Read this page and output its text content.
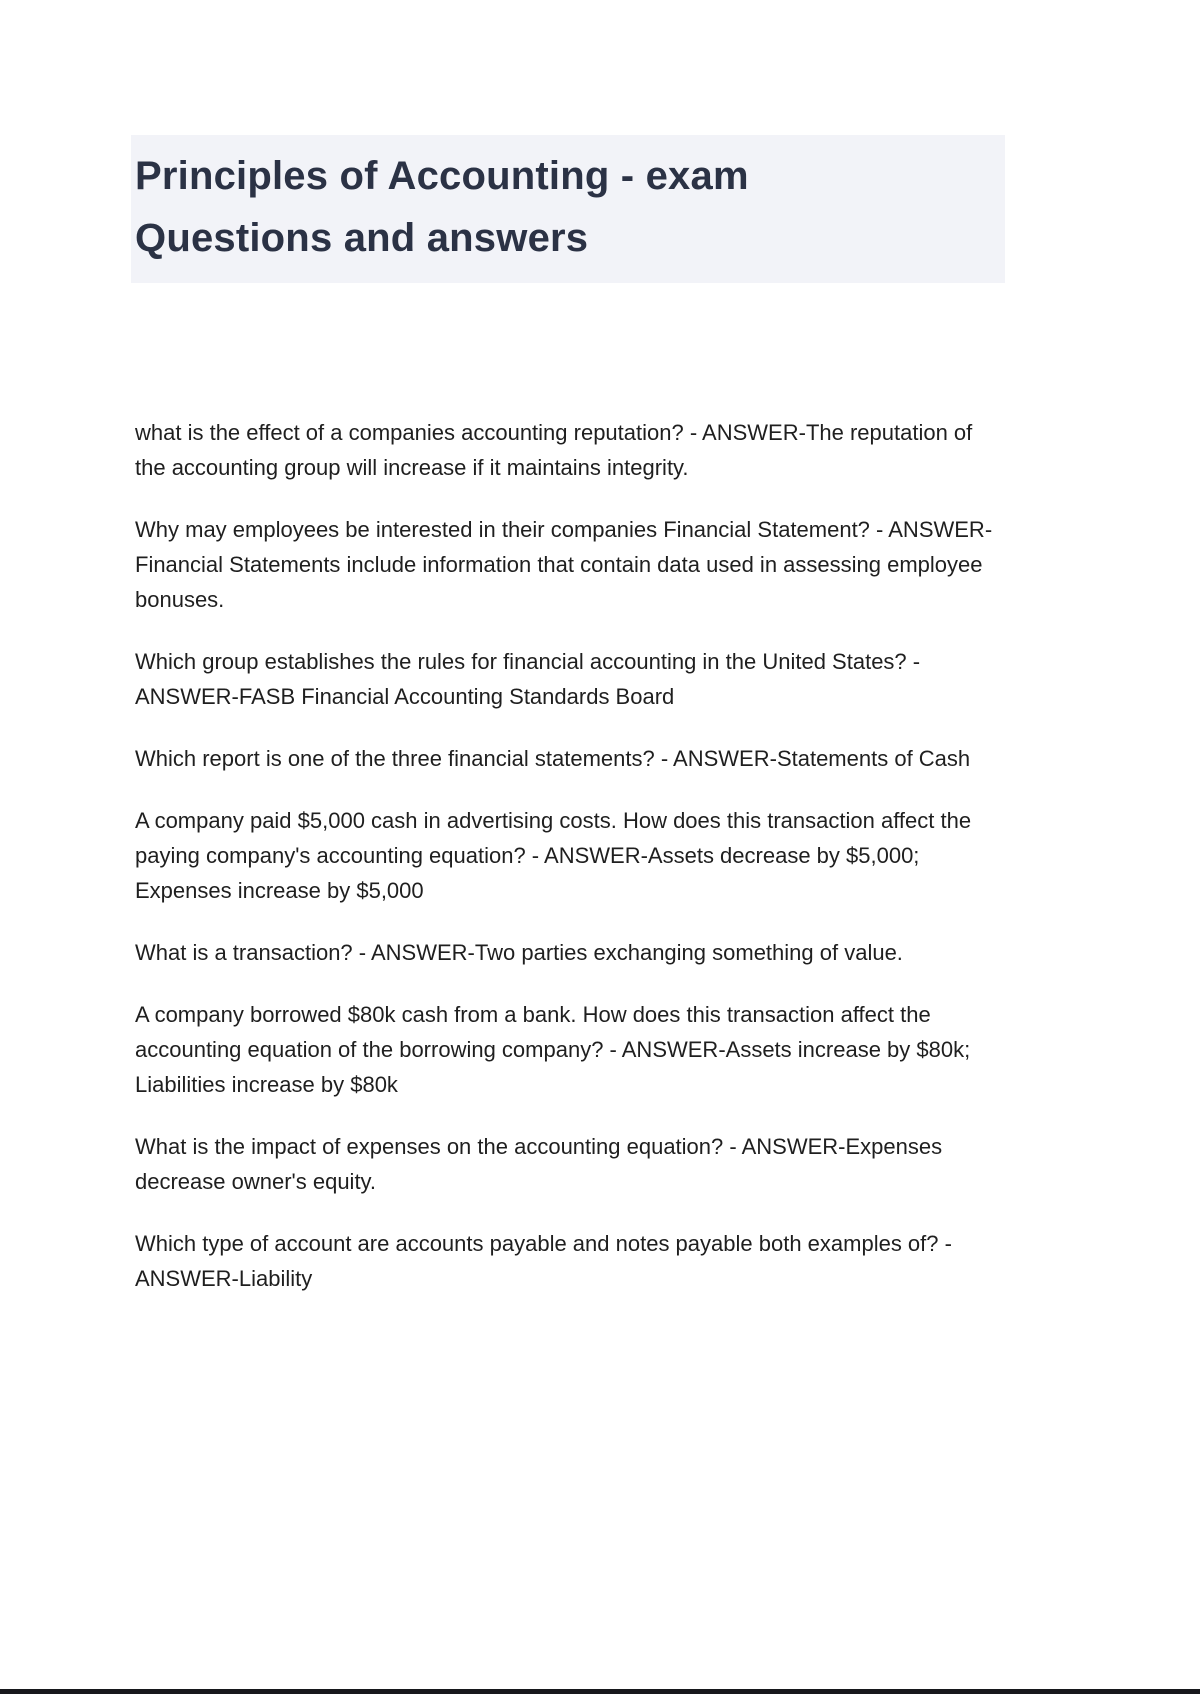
Principles of Accounting - exam
Questions and answers

what is the effect of a companies accounting reputation? - ANSWER-The reputation of the accounting group will increase if it maintains integrity.

Why may employees be interested in their companies Financial Statement? - ANSWER-Financial Statements include information that contain data used in assessing employee bonuses.

Which group establishes the rules for financial accounting in the United States? - ANSWER-FASB Financial Accounting Standards Board

Which report is one of the three financial statements? - ANSWER-Statements of Cash

A company paid $5,000 cash in advertising costs. How does this transaction affect the paying company's accounting equation? - ANSWER-Assets decrease by $5,000; Expenses increase by $5,000

What is a transaction? - ANSWER-Two parties exchanging something of value.

A company borrowed $80k cash from a bank. How does this transaction affect the accounting equation of the borrowing company? - ANSWER-Assets increase by $80k; Liabilities increase by $80k

What is the impact of expenses on the accounting equation? - ANSWER-Expenses decrease owner's equity.

Which type of account are accounts payable and notes payable both examples of? - ANSWER-Liability
